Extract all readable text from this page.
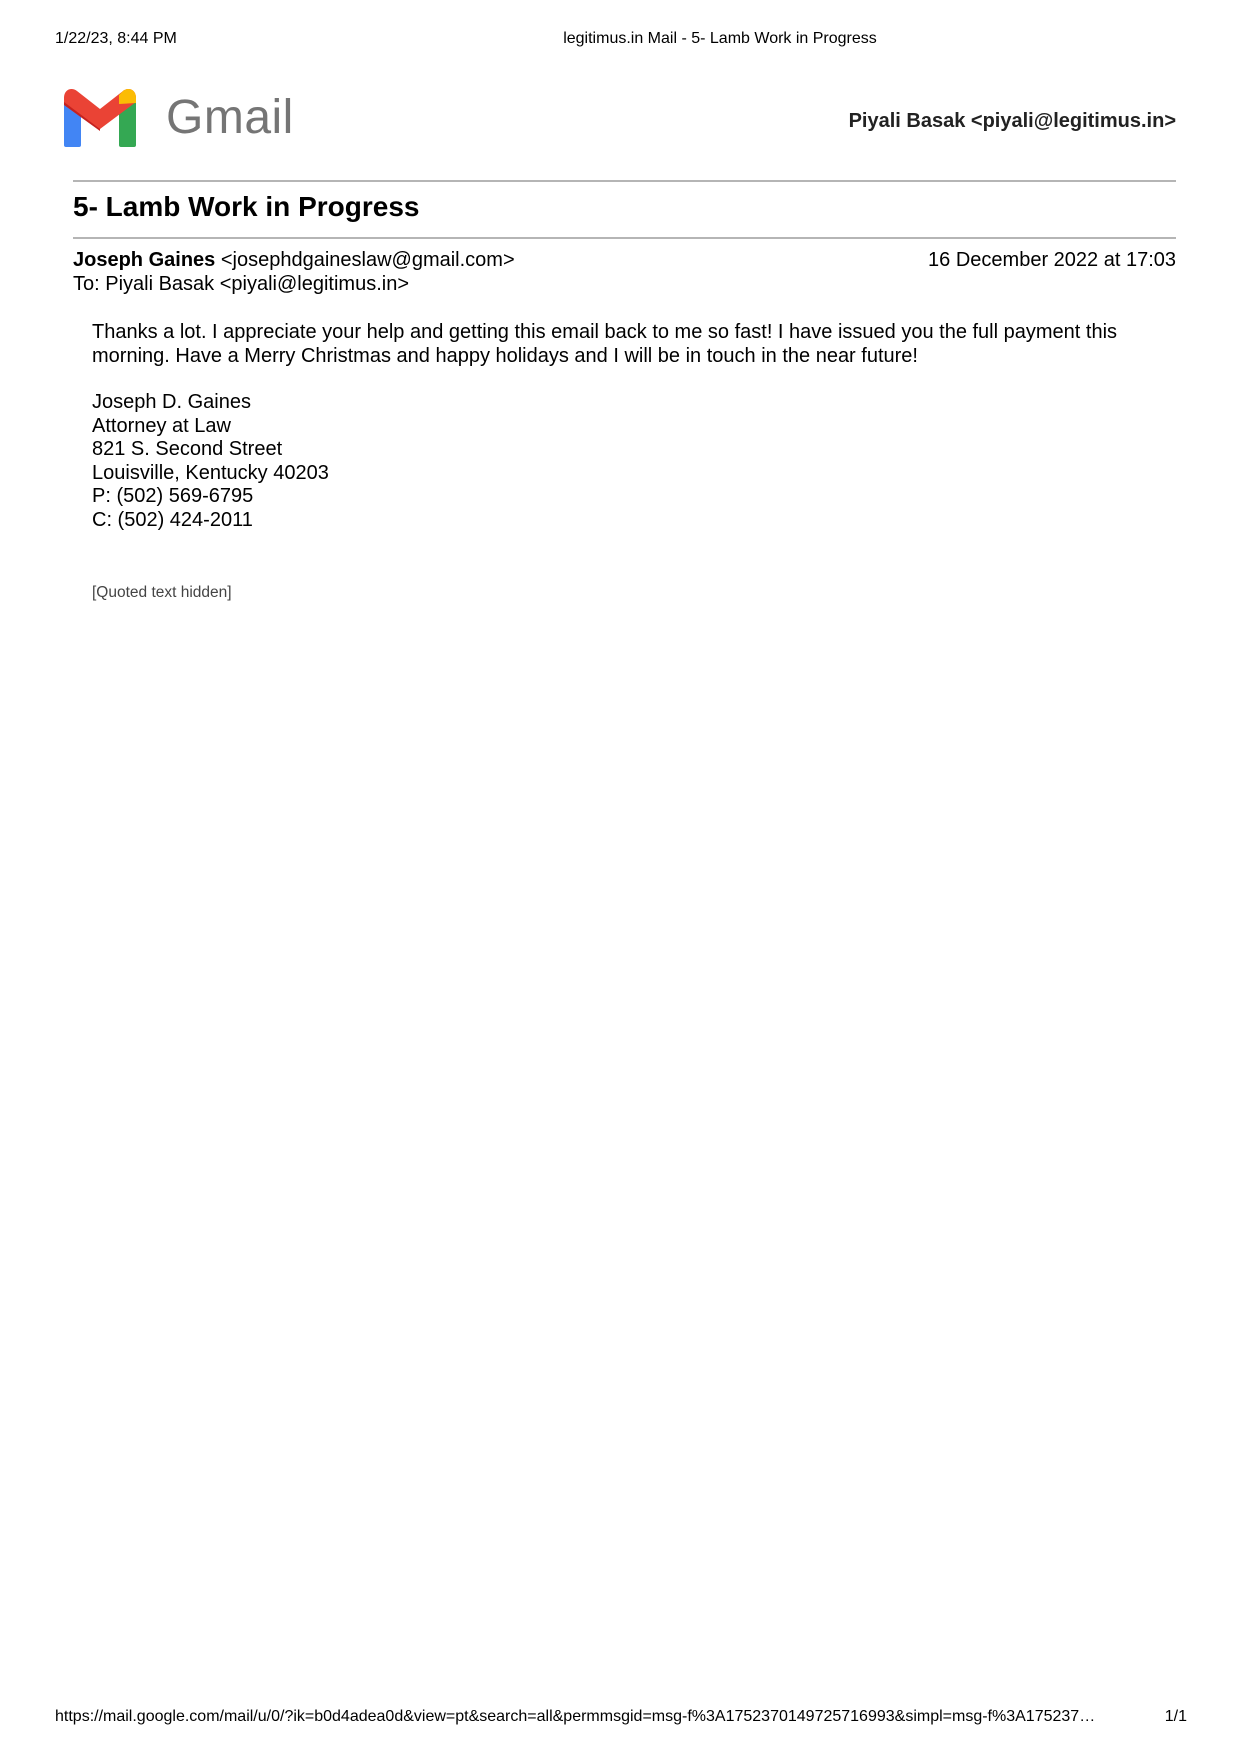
1/22/23, 8:44 PM	legitimus.in Mail - 5- Lamb Work in Progress
Gmail	Piyali Basak <piyali@legitimus.in>
5- Lamb Work in Progress
Joseph Gaines <josephdgaineslaw@gmail.com>	16 December 2022 at 17:03
To: Piyali Basak <piyali@legitimus.in>

Thanks a lot. I appreciate your help and getting this email back to me so fast! I have issued you the full payment this morning. Have a Merry Christmas and happy holidays and I will be in touch in the near future!

Joseph D. Gaines
Attorney at Law
821 S. Second Street
Louisville, Kentucky 40203
P: (502) 569-6795
C: (502) 424-2011
[Quoted text hidden]
https://mail.google.com/mail/u/0/?ik=b0d4adea0d&view=pt&search=all&permmsgid=msg-f%3A1752370149725716993&simpl=msg-f%3A175237…	1/1
